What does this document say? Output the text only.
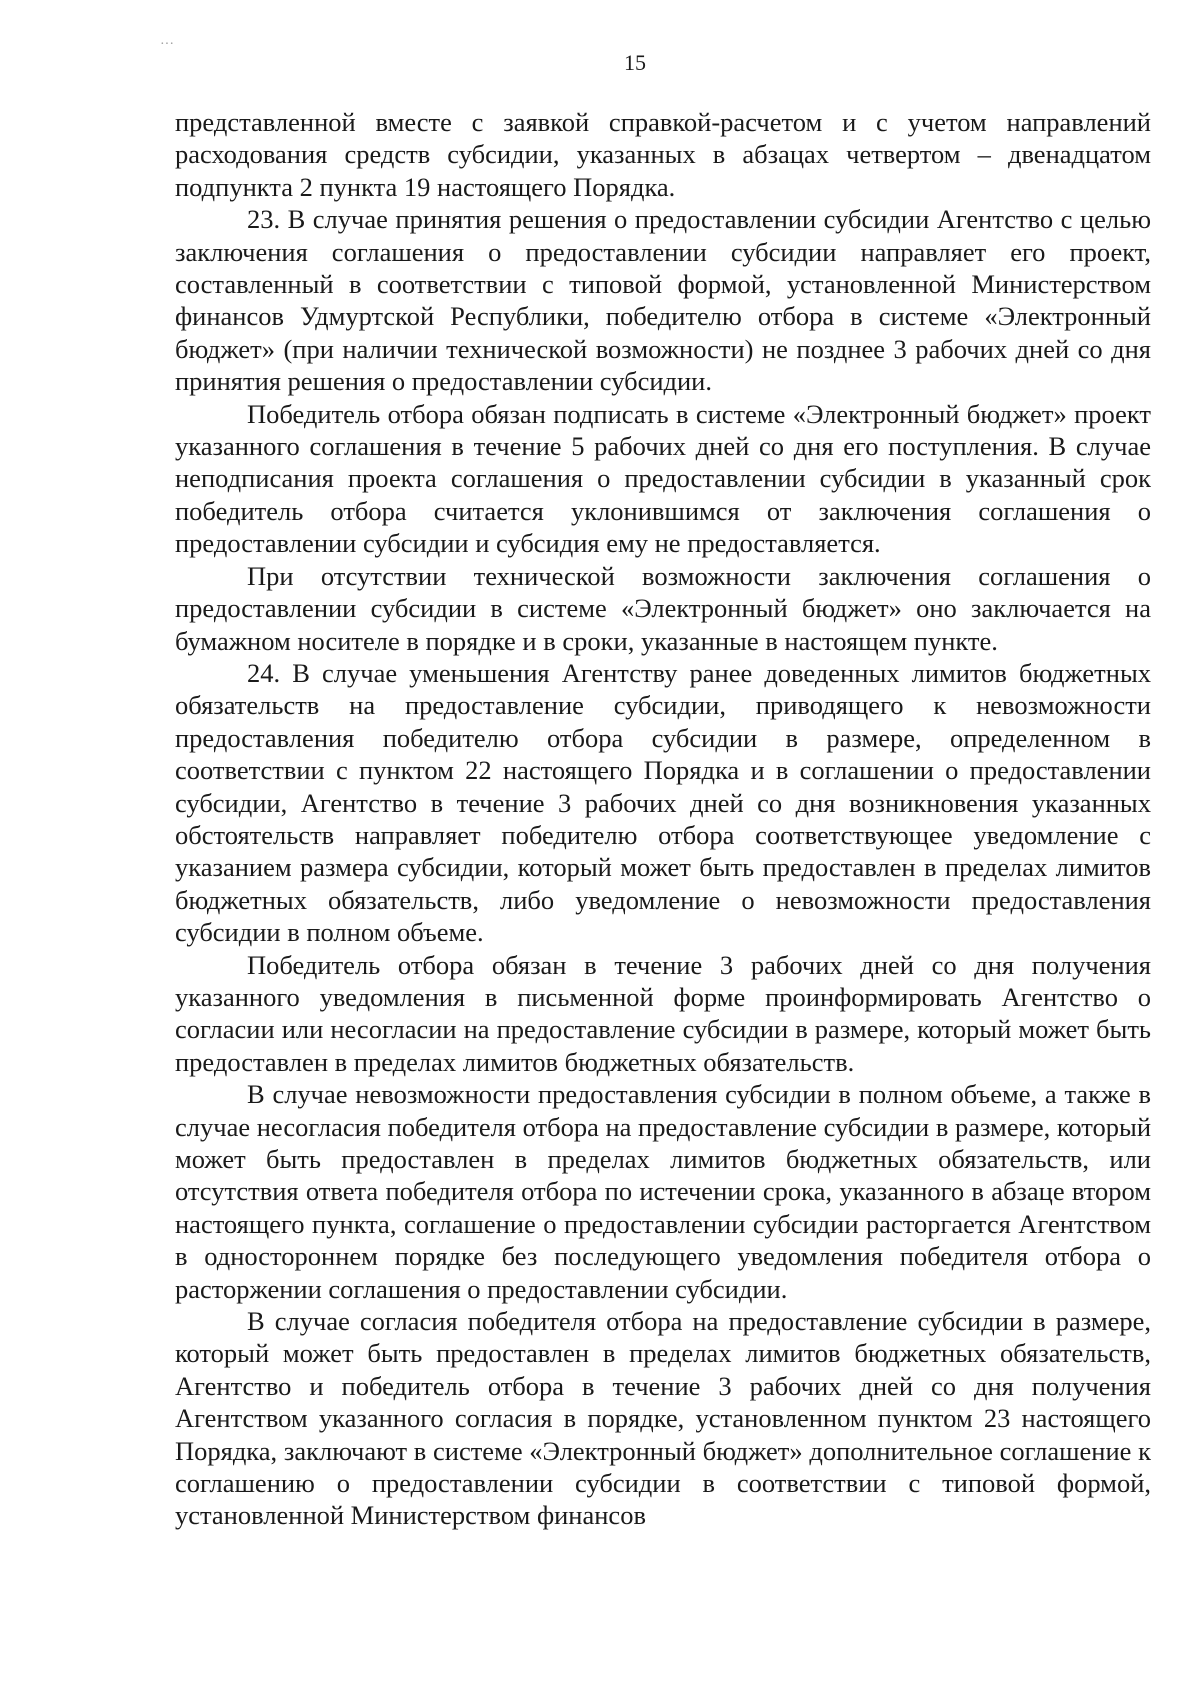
···
15

представленной вместе с заявкой справкой-расчетом и с учетом направлений расходования средств субсидии, указанных в абзацах четвертом – двенадцатом подпункта 2 пункта 19 настоящего Порядка.

23. В случае принятия решения о предоставлении субсидии Агентство с целью заключения соглашения о предоставлении субсидии направляет его проект, составленный в соответствии с типовой формой, установленной Министерством финансов Удмуртской Республики, победителю отбора в системе «Электронный бюджет» (при наличии технической возможности) не позднее 3 рабочих дней со дня принятия решения о предоставлении субсидии.

Победитель отбора обязан подписать в системе «Электронный бюджет» проект указанного соглашения в течение 5 рабочих дней со дня его поступления. В случае неподписания проекта соглашения о предоставлении субсидии в указанный срок победитель отбора считается уклонившимся от заключения соглашения о предоставлении субсидии и субсидия ему не предоставляется.

При отсутствии технической возможности заключения соглашения о предоставлении субсидии в системе «Электронный бюджет» оно заключается на бумажном носителе в порядке и в сроки, указанные в настоящем пункте.

24. В случае уменьшения Агентству ранее доведенных лимитов бюджетных обязательств на предоставление субсидии, приводящего к невозможности предоставления победителю отбора субсидии в размере, определенном в соответствии с пунктом 22 настоящего Порядка и в соглашении о предоставлении субсидии, Агентство в течение 3 рабочих дней со дня возникновения указанных обстоятельств направляет победителю отбора соответствующее уведомление с указанием размера субсидии, который может быть предоставлен в пределах лимитов бюджетных обязательств, либо уведомление о невозможности предоставления субсидии в полном объеме.

Победитель отбора обязан в течение 3 рабочих дней со дня получения указанного уведомления в письменной форме проинформировать Агентство о согласии или несогласии на предоставление субсидии в размере, который может быть предоставлен в пределах лимитов бюджетных обязательств.

В случае невозможности предоставления субсидии в полном объеме, а также в случае несогласия победителя отбора на предоставление субсидии в размере, который может быть предоставлен в пределах лимитов бюджетных обязательств, или отсутствия ответа победителя отбора по истечении срока, указанного в абзаце втором настоящего пункта, соглашение о предоставлении субсидии расторгается Агентством в одностороннем порядке без последующего уведомления победителя отбора о расторжении соглашения о предоставлении субсидии.

В случае согласия победителя отбора на предоставление субсидии в размере, который может быть предоставлен в пределах лимитов бюджетных обязательств, Агентство и победитель отбора в течение 3 рабочих дней со дня получения Агентством указанного согласия в порядке, установленном пунктом 23 настоящего Порядка, заключают в системе «Электронный бюджет» дополнительное соглашение к соглашению о предоставлении субсидии в соответствии с типовой формой, установленной Министерством финансов
